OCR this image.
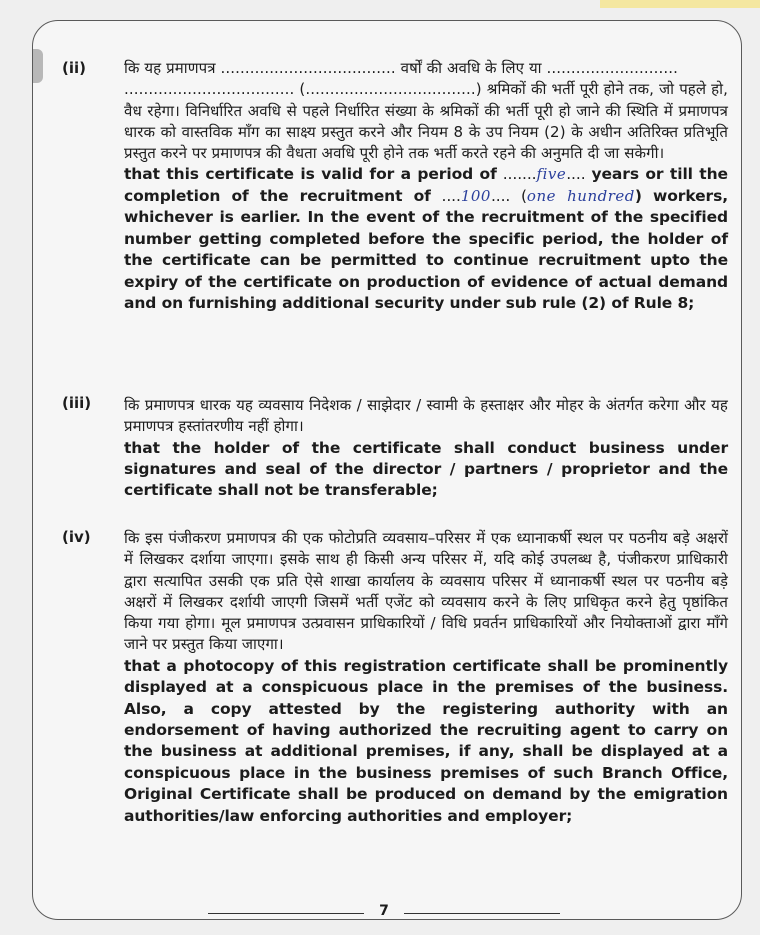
(ii)	कि यह प्रमाणपत्र .................................... वर्षों की अवधि के लिए या ...........................

................................... (...................................) श्रमिकों की भर्ती पूरी होने तक, जो पहले हो, वैध रहेगा। विनिर्धारित अवधि से पहले निर्धारित संख्या के श्रमिकों की भर्ती पूरी हो जाने की स्थिति में प्रमाणपत्र धारक को वास्तविक माँग का साक्ष्य प्रस्तुत करने और नियम 8 के उप नियम (2) के अधीन अतिरिक्त प्रतिभूति प्रस्तुत करने पर प्रमाणपत्र की वैधता अवधि पूरी होने तक भर्ती करते रहने की अनुमति दी जा सकेगी।

that this certificate is valid for a period of .......five.... years or till the completion of the recruitment of ....100.... (one hundred) workers, whichever is earlier. In the event of the recruitment of the specified number getting completed before the specific period, the holder of the certificate can be permitted to continue recruitment upto the expiry of the certificate on production of evidence of actual demand and on furnishing additional security under sub rule (2) of Rule 8;

(iii)	कि प्रमाणपत्र धारक यह व्यवसाय निदेशक / साझेदार / स्वामी के हस्ताक्षर और मोहर के अंतर्गत करेगा और यह प्रमाणपत्र हस्तांतरणीय नहीं होगा।

that the holder of the certificate shall conduct business under signatures and seal of the director / partners / proprietor and the certificate shall not be transferable;

(iv)	कि इस पंजीकरण प्रमाणपत्र की एक फोटोप्रति व्यवसाय–परिसर में एक ध्यानाकर्षी स्थल पर पठनीय बड़े अक्षरों में लिखकर दर्शाया जाएगा। इसके साथ ही किसी अन्य परिसर में, यदि कोई उपलब्ध है, पंजीकरण प्राधिकारी द्वारा सत्यापित उसकी एक प्रति ऐसे शाखा कार्यालय के व्यवसाय परिसर में ध्यानाकर्षी स्थल पर पठनीय बड़े अक्षरों में लिखकर दर्शायी जाएगी जिसमें भर्ती एजेंट को व्यवसाय करने के लिए प्राधिकृत करने हेतु पृष्ठांकित किया गया होगा। मूल प्रमाणपत्र उत्प्रवासन प्राधिकारियों / विधि प्रवर्तन प्राधिकारियों और नियोक्ताओं द्वारा माँगे जाने पर प्रस्तुत किया जाएगा।

that a photocopy of this registration certificate shall be prominently displayed at a conspicuous place in the premises of the business. Also, a copy attested by the registering authority with an endorsement of having authorized the recruiting agent to carry on the business at additional premises, if any, shall be displayed at a conspicuous place in the business premises of such Branch Office, Original Certificate shall be produced on demand by the emigration authorities/law enforcing authorities and employer;

7
